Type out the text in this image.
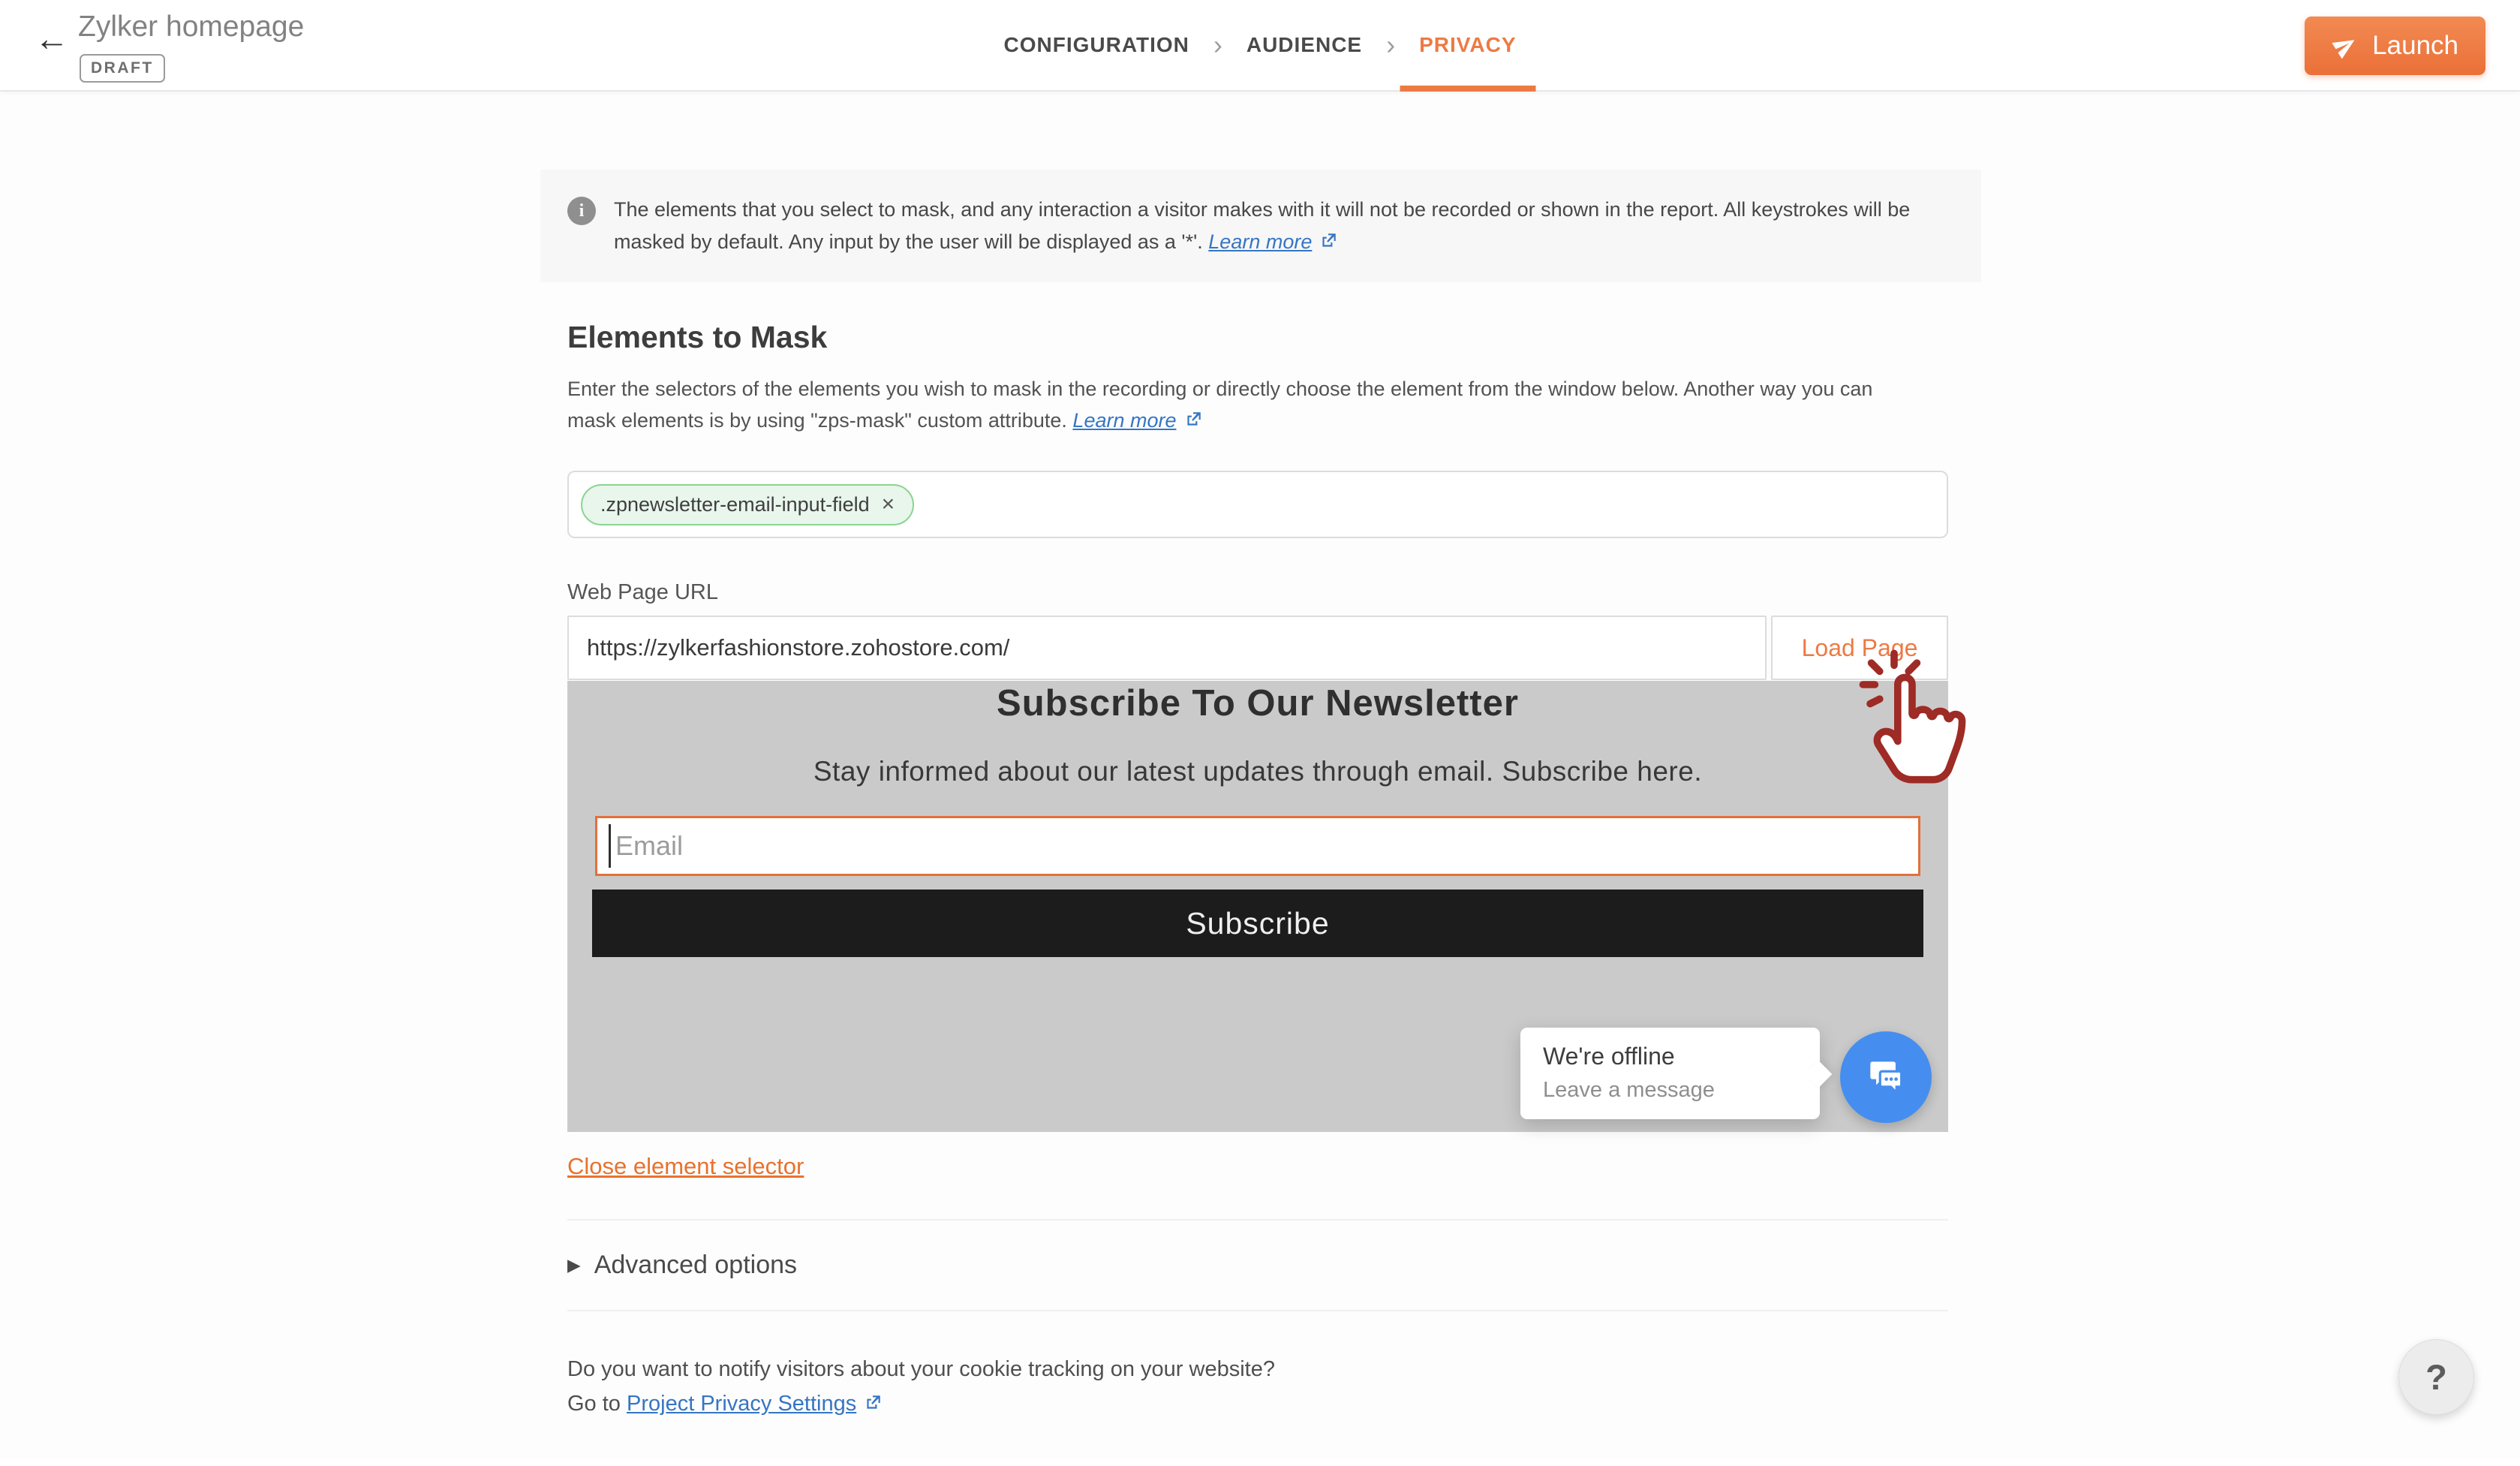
← Zylker homepage
DRAFT
CONFIGURATION ›	AUDIENCE › PRIVACY	Launch
i	The elements that you select to mask, and any interaction a visitor makes with it will not be recorded or shown in the report. All keystrokes will be masked by default. Any input by the user will be displayed as a '*'. Learn more
Elements to Mask
Enter the selectors of the elements you wish to mask in the recording or directly choose the element from the window below. Another way you can
mask elements is by using "zps-mask" custom attribute. Learn more
.zpnewsletter-email-input-field ×
Web Page URL
https://zylkerfashionstore.zohostore.com/
Load Page
Subscribe To Our Newsletter
Stay informed about our latest updates through email. Subscribe here.
Email
Subscribe
We're offline
Leave a message
Close element selector
▶ Advanced options
Do you want to notify visitors about your cookie tracking on your website?
Go to Project Privacy Settings
?
